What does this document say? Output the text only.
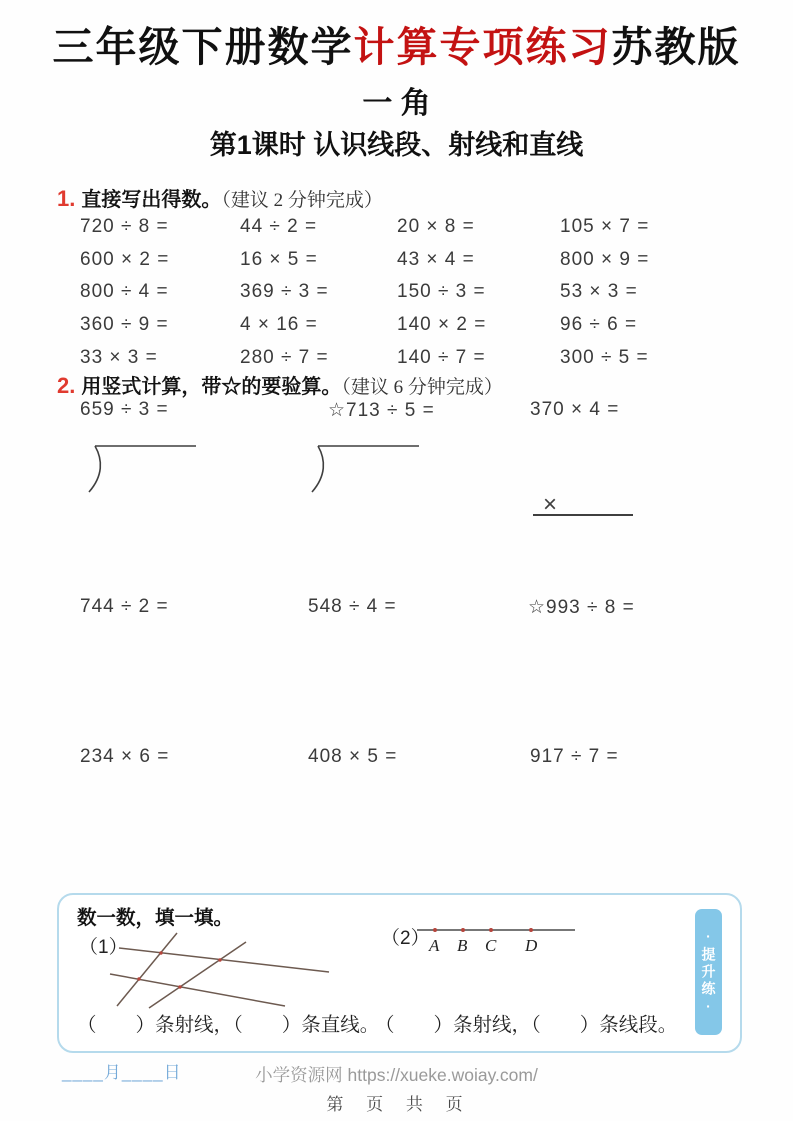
三年级下册数学计算专项练习苏教版
一 角
第1课时 认识线段、射线和直线
1. 直接写出得数。（建议 2 分钟完成）
720 ÷ 8 =	44 ÷ 2 =	20 × 8 =	105 × 7 =
600 × 2 =	16 × 5 =	43 × 4 =	800 × 9 =
800 ÷ 4 =	369 ÷ 3 =	150 ÷ 3 =	53 × 3 =
360 ÷ 9 =	4 × 16 =	140 × 2 =	96 ÷ 6 =
33 × 3 =	280 ÷ 7 =	140 ÷ 7 =	300 ÷ 5 =
2. 用竖式计算，带☆的要验算。（建议 6 分钟完成）
659 ÷ 3 =	☆713 ÷ 5 =	370 × 4 =
×
744 ÷ 2 =	548 ÷ 4 =	☆993 ÷ 8 =
234 × 6 =	408 × 5 =	917 ÷ 7 =
数一数，填一填。
（1）	（2） A B C D
（　　）条射线，（　　）条直线。
（　　）条射线，（　　）条线段。
·提升练·
____月____日	小学资源网 https://xueke.woiay.com/
第 页 共 页
